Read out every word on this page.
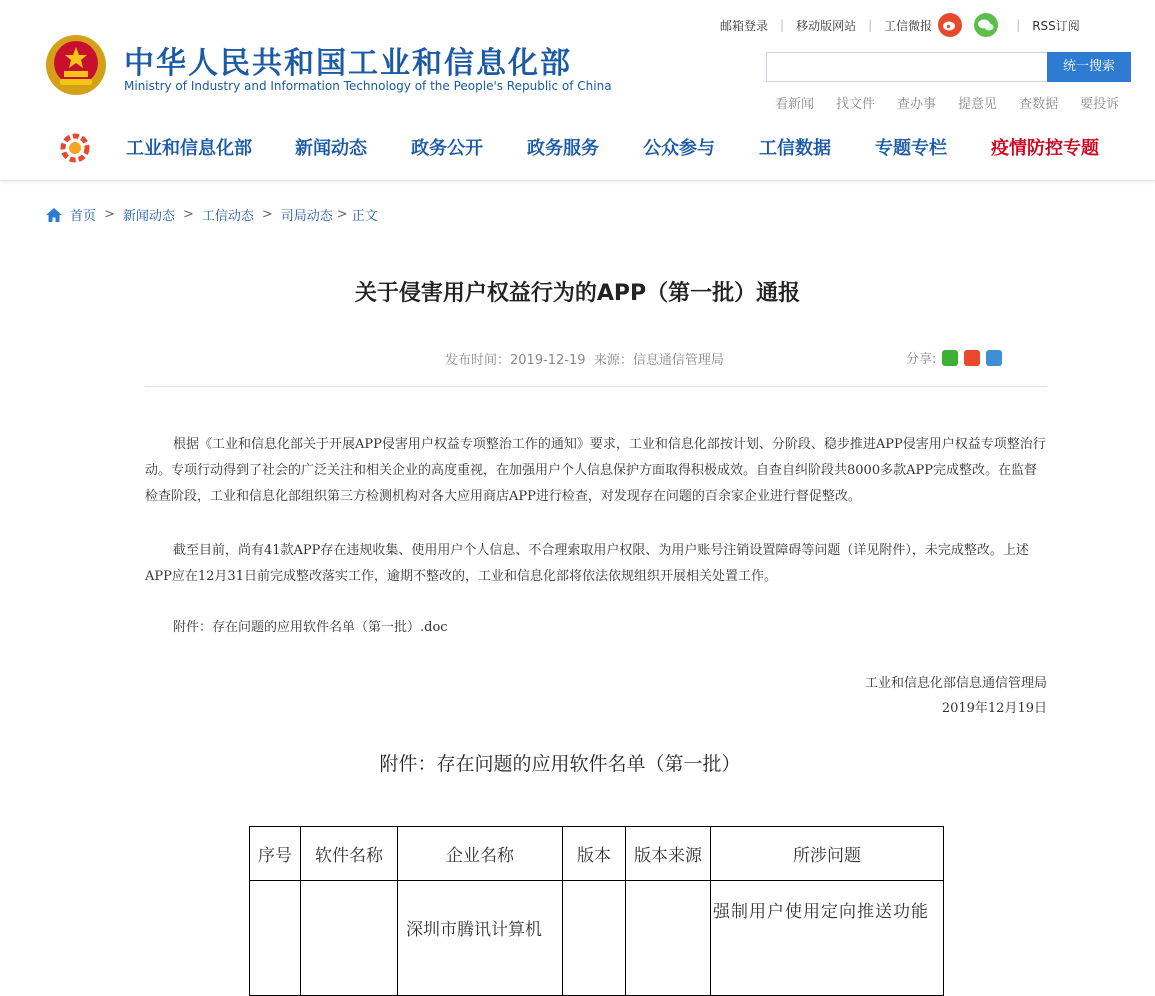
中华人民共和国工业和信息化部
Ministry of Industry and Information Technology of the People's Republic of China
邮箱登录 | 移动版网站 | 工信微报	| RSS订阅
统一搜索
看新闻 找文件 查办事 提意见 查数据 要投诉
工业和信息化部 新闻动态 政务公开 政务服务 公众参与 工信数据 专题专栏 疫情防控专题
首页 > 新闻动态 > 工信动态 > 司局动态 > 正文
关于侵害用户权益行为的APP（第一批）通报
发布时间：2019-12-19  来源：信息通信管理局	分享:
根据《工业和信息化部关于开展APP侵害用户权益专项整治工作的通知》要求，工业和信息化部按计划、分阶段、稳步推进APP侵害用户权益专项整治行动。专项行动得到了社会的广泛关注和相关企业的高度重视，在加强用户个人信息保护方面取得积极成效。自查自纠阶段共8000多款APP完成整改。在监督检查阶段，工业和信息化部组织第三方检测机构对各大应用商店APP进行检查，对发现存在问题的百余家企业进行督促整改。
截至目前，尚有41款APP存在违规收集、使用用户个人信息、不合理索取用户权限、为用户账号注销设置障碍等问题（详见附件），未完成整改。上述APP应在12月31日前完成整改落实工作，逾期不整改的，工业和信息化部将依法依规组织开展相关处置工作。
附件：存在问题的应用软件名单（第一批）.doc
工业和信息化部信息通信管理局
2019年12月19日
附件：存在问题的应用软件名单（第一批）
序号	软件名称	企业名称	版本	版本来源	所涉问题
		深圳市腾讯计算机			强制用户使用定向推送功能
